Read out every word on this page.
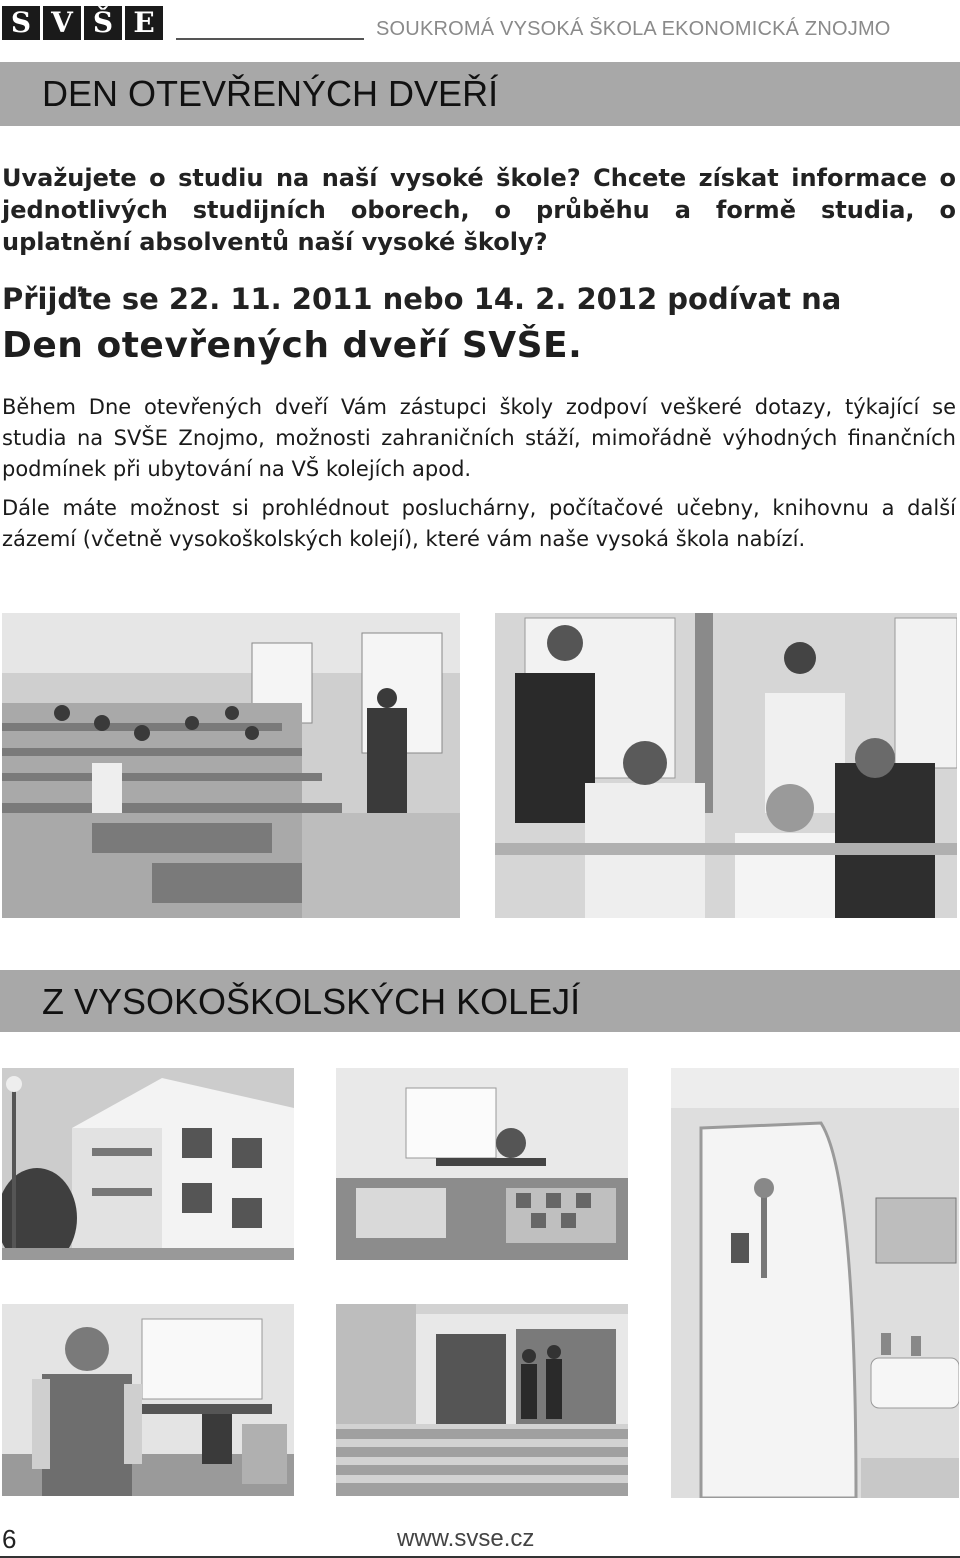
S V Š E	SOUKROMÁ VYSOKÁ ŠKOLA EKONOMICKÁ ZNOJMO
DEN OTEVŘENÝCH DVEŘÍ
Uvažujete o studiu na naší vysoké škole? Chcete získat informace o jednotlivých studijních oborech, o průběhu a formě studia, o uplatnění absolventů naší vysoké školy?
Přijďte se 22. 11. 2011 nebo 14. 2. 2012 podívat na
Den otevřených dveří SVŠE.
Během Dne otevřených dveří Vám zástupci školy zodpoví veškeré dotazy, týkající se studia na SVŠE Znojmo, možnosti zahraničních stáží, mimořádně výhodných finančních podmínek při ubytování na VŠ kolejích apod.
Dále máte možnost si prohlédnout posluchárny, počítačové učebny, knihovnu a další zázemí (včetně vysokoškolských kolejí), které vám naše vysoká škola nabízí.
Z VYSOKOŠKOLSKÝCH KOLEJÍ
6	www.svse.cz
